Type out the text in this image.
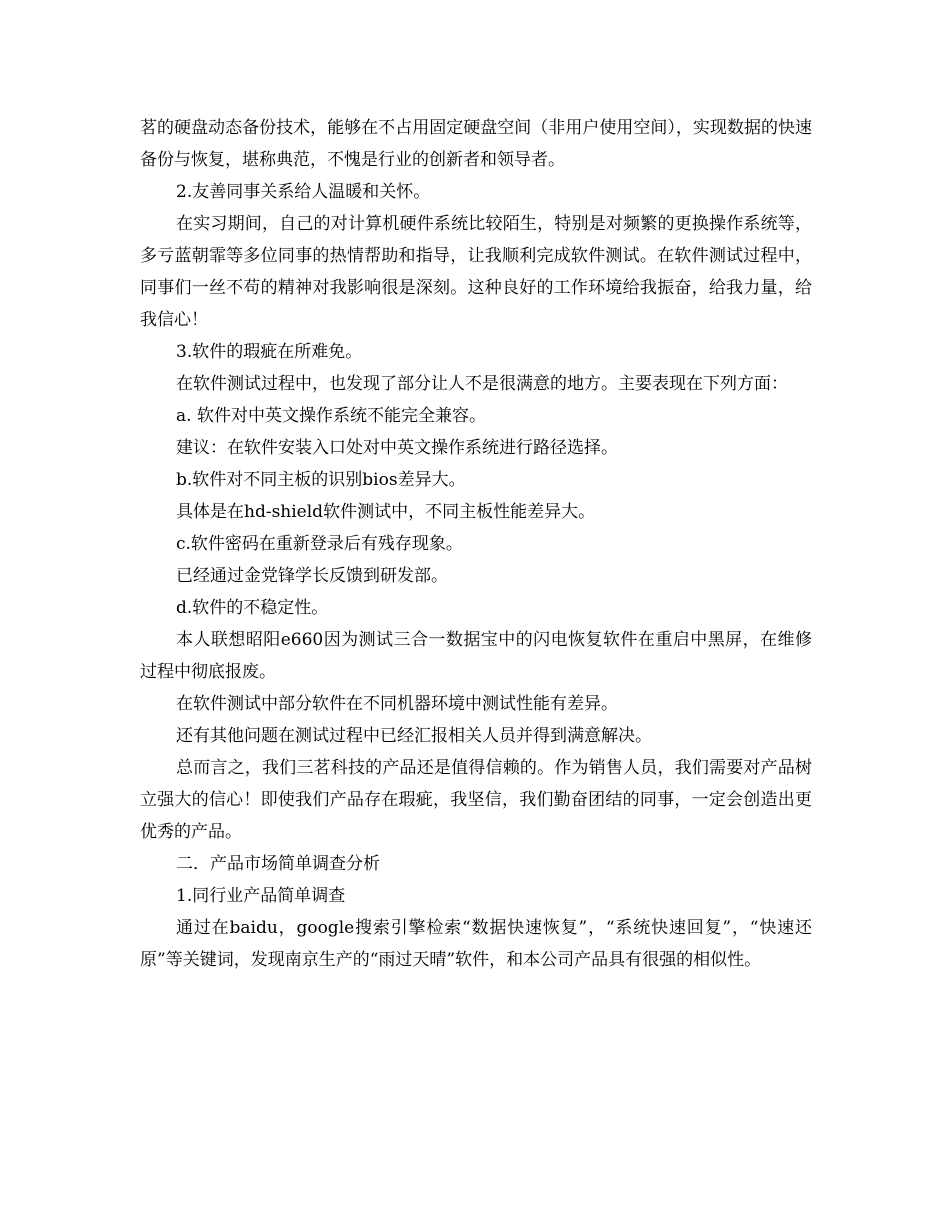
茗的硬盘动态备份技术，能够在不占用固定硬盘空间（非用户使用空间），实现数据的快速备份与恢复，堪称典范，不愧是行业的创新者和领导者。

2.友善同事关系给人温暖和关怀。

在实习期间，自己的对计算机硬件系统比较陌生，特别是对频繁的更换操作系统等，多亏蓝朝霏等多位同事的热情帮助和指导，让我顺利完成软件测试。在软件测试过程中，同事们一丝不苟的精神对我影响很是深刻。这种良好的工作环境给我振奋，给我力量，给我信心！

3.软件的瑕疵在所难免。

在软件测试过程中，也发现了部分让人不是很满意的地方。主要表现在下列方面：

a. 软件对中英文操作系统不能完全兼容。

建议：在软件安装入口处对中英文操作系统进行路径选择。

b.软件对不同主板的识别bios差异大。

具体是在hd-shield软件测试中，不同主板性能差异大。

c.软件密码在重新登录后有残存现象。

已经通过金党锋学长反馈到研发部。

d.软件的不稳定性。

本人联想昭阳e660因为测试三合一数据宝中的闪电恢复软件在重启中黑屏，在维修过程中彻底报废。

在软件测试中部分软件在不同机器环境中测试性能有差异。

还有其他问题在测试过程中已经汇报相关人员并得到满意解决。

总而言之，我们三茗科技的产品还是值得信赖的。作为销售人员，我们需要对产品树立强大的信心！即使我们产品存在瑕疵，我坚信，我们勤奋团结的同事，一定会创造出更优秀的产品。

二．产品市场简单调查分析

1.同行业产品简单调查

通过在baidu，google搜索引擎检索“数据快速恢复”，“系统快速回复”，“快速还原”等关键词，发现南京生产的“雨过天晴”软件，和本公司产品具有很强的相似性。
